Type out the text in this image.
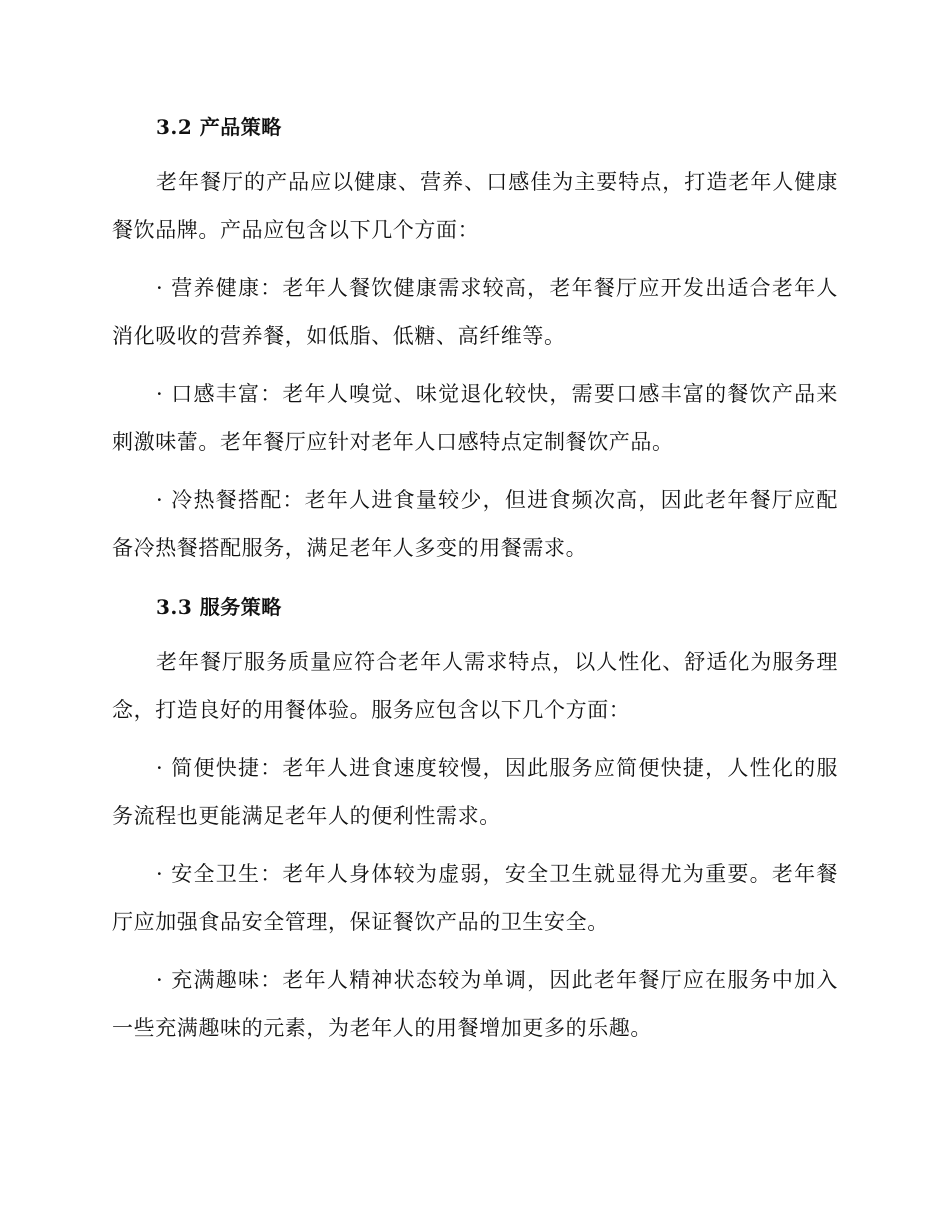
3.2 产品策略

老年餐厅的产品应以健康、营养、口感佳为主要特点，打造老年人健康餐饮品牌。产品应包含以下几个方面：

· 营养健康：老年人餐饮健康需求较高，老年餐厅应开发出适合老年人消化吸收的营养餐，如低脂、低糖、高纤维等。

· 口感丰富：老年人嗅觉、味觉退化较快，需要口感丰富的餐饮产品来刺激味蕾。老年餐厅应针对老年人口感特点定制餐饮产品。

· 冷热餐搭配：老年人进食量较少，但进食频次高，因此老年餐厅应配备冷热餐搭配服务，满足老年人多变的用餐需求。

3.3 服务策略

老年餐厅服务质量应符合老年人需求特点，以人性化、舒适化为服务理念，打造良好的用餐体验。服务应包含以下几个方面：

· 简便快捷：老年人进食速度较慢，因此服务应简便快捷，人性化的服务流程也更能满足老年人的便利性需求。

· 安全卫生：老年人身体较为虚弱，安全卫生就显得尤为重要。老年餐厅应加强食品安全管理，保证餐饮产品的卫生安全。

· 充满趣味：老年人精神状态较为单调，因此老年餐厅应在服务中加入一些充满趣味的元素，为老年人的用餐增加更多的乐趣。
